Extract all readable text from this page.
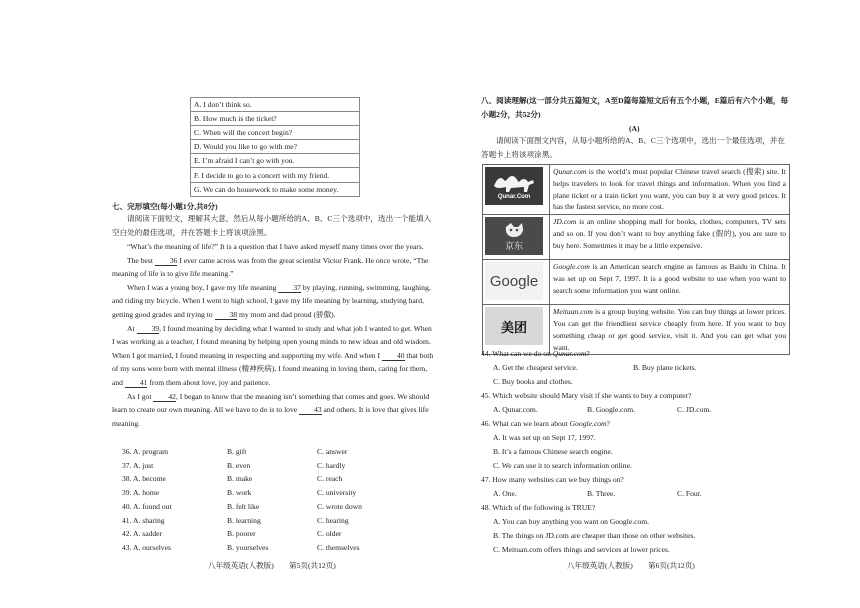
A. I don’t think so.
B. How much is the ticket?
C. When will the concert begin?
D. Would you like to go with me?
E. I’m afraid I can’t go with you.
F. I decide to go to a concert with my friend.
G. We can do housework to make some money.
七、完形填空(每小题1分,共8分)
请阅读下面短文，理解其大意，然后从每小题所给的A、B、C三个选项中，选出一个能填入空白处的最佳选项，并在答题卡上将该项涂黑。
“What’s the meaning of life?” It is a question that I have asked myself many times over the years.
The best 36 I ever came across was from the great scientist Victor Frank. He once wrote, “The meaning of life is to give life meaning.”
When I was a young boy, I gave my life meaning 37 by playing, running, swimming, laughing, and riding my bicycle. When I went to high school, I gave my life meaning by learning, studying hard, getting good grades and trying to 38 my mom and dad proud (骄傲).
At 39, I found meaning by deciding what I wanted to study and what job I wanted to get. When I was working as a teacher, I found meaning by helping open young minds to new ideas and old wisdom. When I got married, I found meaning in respecting and supporting my wife. And when I 40 that both of my sons were born with mental illness (精神疾病), I found meaning in loving them, caring for them, and 41 from them about love, joy and patience.
As I got 42, I began to know that the meaning isn’t something that comes and goes. We should learn to create our own meaning. All we have to do is to love 43 and others. It is love that gives life meaning.
36. A. program	B. gift	C. answer
37. A. just	B. even	C. hardly
38. A. become	B. make	C. reach
39. A. home	B. work	C. university
40. A. found out	B. felt like	C. wrote down
41. A. sharing	B. learning	C. hearing
42. A. sadder	B. poorer	C. older
43. A. ourselves	B. yourselves	C. themselves
八年级英语(人教版)　　第5页(共12页)
八、阅读理解(这一部分共五篇短文，A至D篇每篇短文后有五个小题，E篇后有六个小题，每小题2分，共52分)
(A)
请阅读下面图文内容，从每小题所给的A、B、C三个选项中，选出一个最佳选项，并在答题卡上将该项涂黑。
Qunar.Com	Qunar.com is the world’s most popular Chinese travel search (搜索) site. It helps travelers to look for travel things and information. When you find a plane ticket or a train ticket you want, you can buy it at very good prices. It has the fastest service, no more cost.

京东	JD.com is an online shopping mall for books, clothes, computers, TV sets and so on. If you don’t want to buy anything fake (假的), you are sure to buy here. Sometimes it may be a little expensive.

Google	Google.com is an American search engine as famous as Baidu in China. It was set up on Sept 7, 1997. It is a good website to use when you want to search some information you want online.

美团	Meituan.com is a group buying website. You can buy things at lower prices. You can get the friendliest service cheaply from here. If you want to buy something cheap or get good service, visit it. And you can get what you want.
44. What can we do on Qunar.com?
A. Get the cheapest service.	B. Buy plane tickets.
C. Buy books and clothes.
45. Which website should Mary visit if she wants to buy a computer?
A. Qunar.com.	B. Google.com.	C. JD.com.
46. What can we learn about Google.com?
A. It was set up on Sept 17, 1997.
B. It’s a famous Chinese search engine.
C. We can use it to search information online.
47. How many websites can we buy things on?
A. One.	B. Three.	C. Four.
48. Which of the following is TRUE?
A. You can buy anything you want on Google.com.
B. The things on JD.com are cheaper than those on other websites.
C. Meituan.com offers things and services at lower prices.
八年级英语(人教版)　　第6页(共12页)
